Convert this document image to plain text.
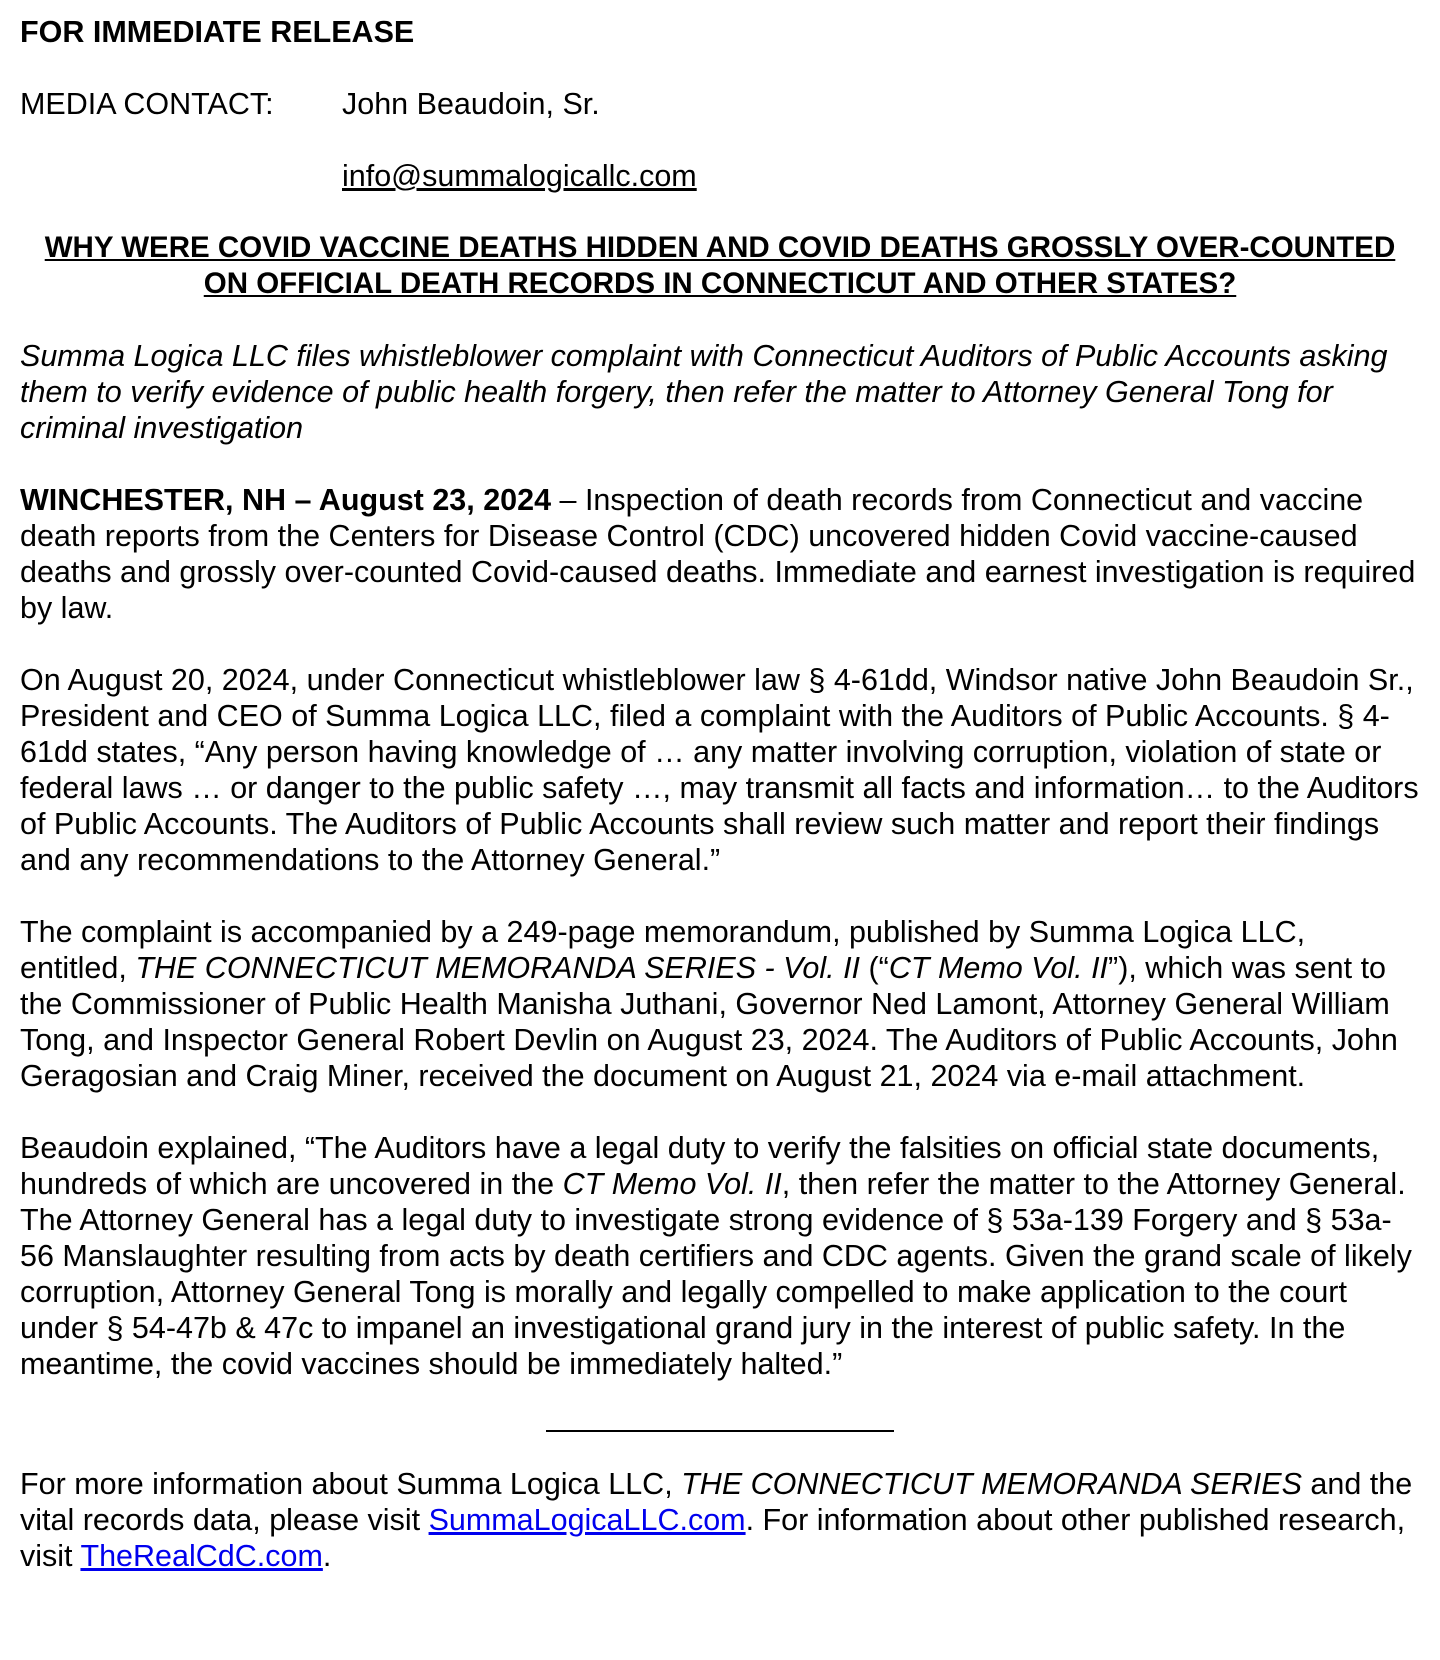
FOR IMMEDIATE RELEASE
MEDIA CONTACT: John Beaudoin, Sr.
info@summalogicallc.com
WHY WERE COVID VACCINE DEATHS HIDDEN AND COVID DEATHS GROSSLY OVER-COUNTED ON OFFICIAL DEATH RECORDS IN CONNECTICUT AND OTHER STATES?
Summa Logica LLC files whistleblower complaint with Connecticut Auditors of Public Accounts asking them to verify evidence of public health forgery, then refer the matter to Attorney General Tong for criminal investigation

WINCHESTER, NH – August 23, 2024 – Inspection of death records from Connecticut and vaccine death reports from the Centers for Disease Control (CDC) uncovered hidden Covid vaccine-caused deaths and grossly over-counted Covid-caused deaths. Immediate and earnest investigation is required by law.

On August 20, 2024, under Connecticut whistleblower law § 4-61dd, Windsor native John Beaudoin Sr., President and CEO of Summa Logica LLC, filed a complaint with the Auditors of Public Accounts. § 4-61dd states, “Any person having knowledge of … any matter involving corruption, violation of state or federal laws … or danger to the public safety …, may transmit all facts and information… to the Auditors of Public Accounts. The Auditors of Public Accounts shall review such matter and report their findings and any recommendations to the Attorney General.”

The complaint is accompanied by a 249-page memorandum, published by Summa Logica LLC, entitled, THE CONNECTICUT MEMORANDA SERIES - Vol. II (“CT Memo Vol. II”), which was sent to the Commissioner of Public Health Manisha Juthani, Governor Ned Lamont, Attorney General William Tong, and Inspector General Robert Devlin on August 23, 2024. The Auditors of Public Accounts, John Geragosian and Craig Miner, received the document on August 21, 2024 via e-mail attachment.

Beaudoin explained, “The Auditors have a legal duty to verify the falsities on official state documents, hundreds of which are uncovered in the CT Memo Vol. II, then refer the matter to the Attorney General. The Attorney General has a legal duty to investigate strong evidence of § 53a-139 Forgery and § 53a-56 Manslaughter resulting from acts by death certifiers and CDC agents. Given the grand scale of likely corruption, Attorney General Tong is morally and legally compelled to make application to the court under § 54-47b & 47c to impanel an investigational grand jury in the interest of public safety. In the meantime, the covid vaccines should be immediately halted.”

For more information about Summa Logica LLC, THE CONNECTICUT MEMORANDA SERIES and the vital records data, please visit SummaLogicaLLC.com. For information about other published research, visit TheRealCdC.com.
